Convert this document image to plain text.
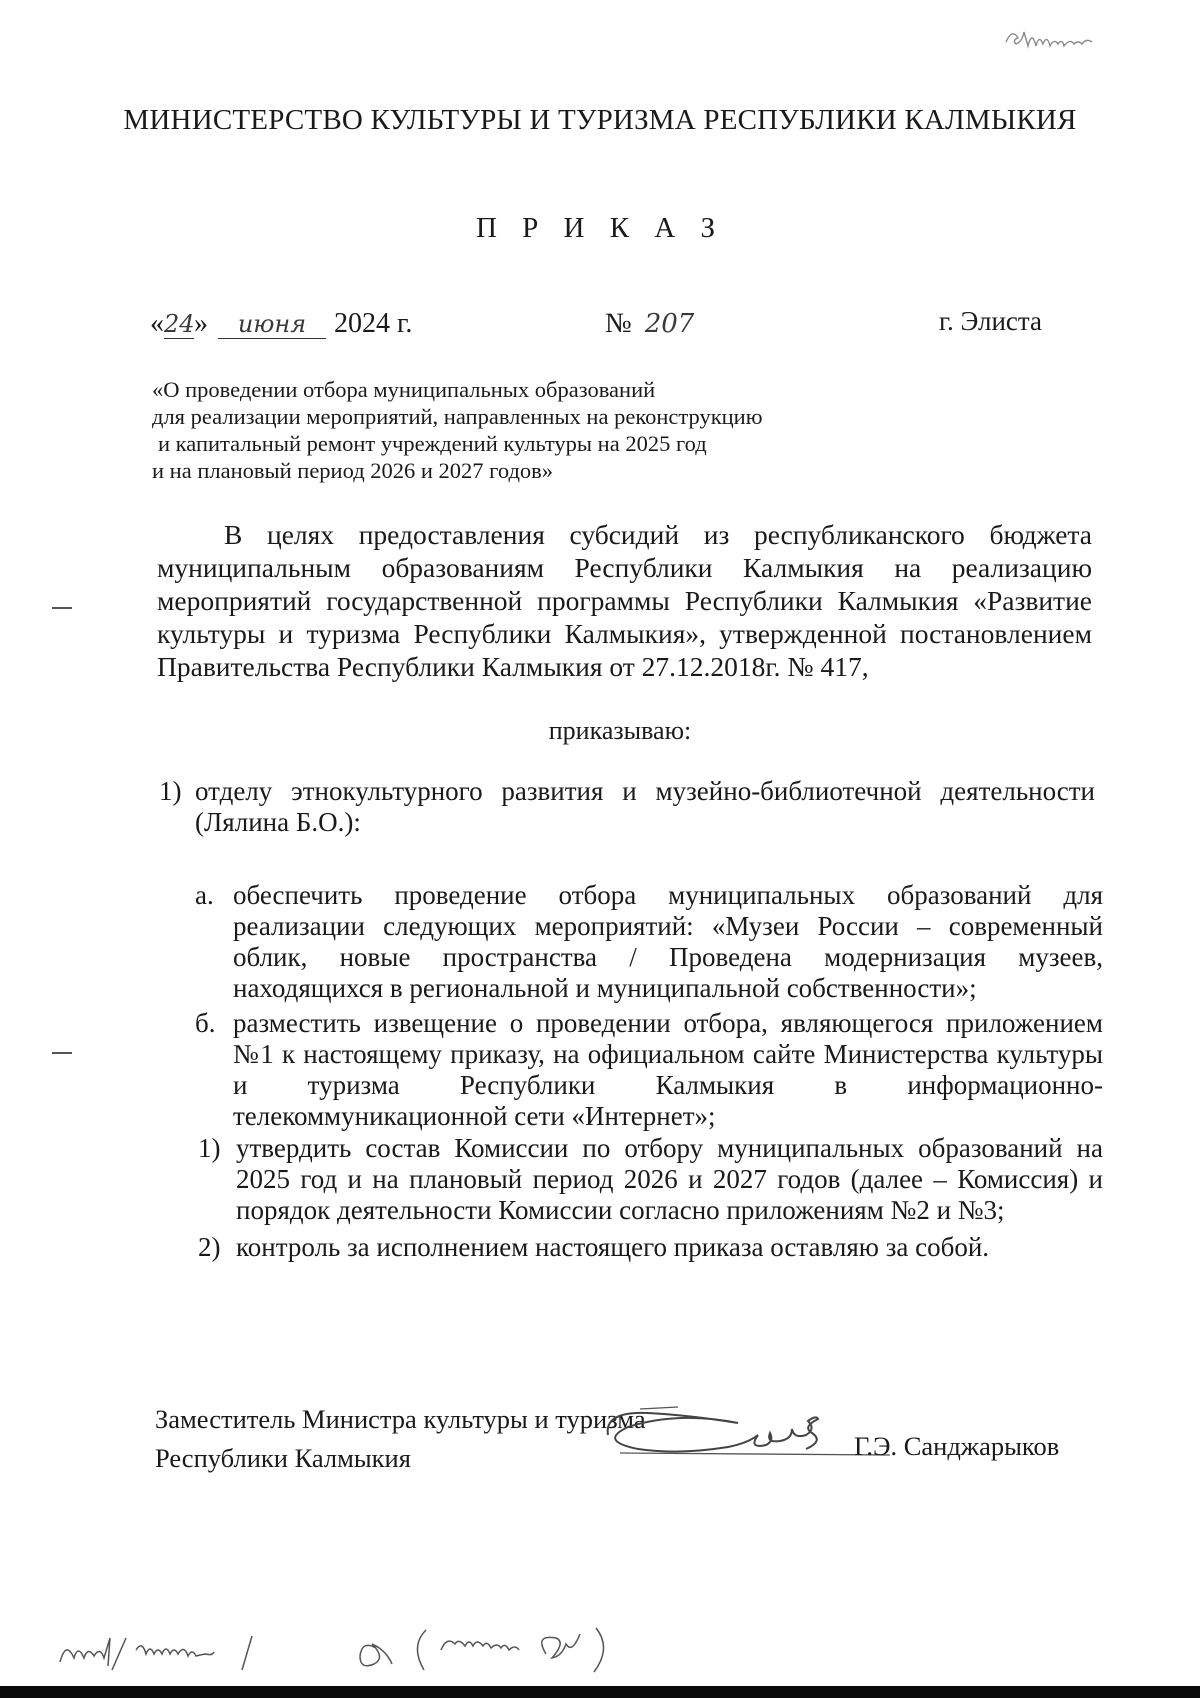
МИНИСТЕРСТВО КУЛЬТУРЫ И ТУРИЗМА РЕСПУБЛИКИ КАЛМЫКИЯ
П Р И К А З
« 24 »	июня 2024 г.	№ 207	г. Элиста
«О проведении отбора муниципальных образований
для реализации мероприятий, направленных на реконструкцию
и капитальный ремонт учреждений культуры на 2025 год
и на плановый период 2026 и 2027 годов»
В целях предоставления субсидий из республиканского бюджета муниципальным образованиям Республики Калмыкия на реализацию мероприятий государственной программы Республики Калмыкия «Развитие культуры и туризма Республики Калмыкия», утвержденной постановлением Правительства Республики Калмыкия от 27.12.2018г. № 417,
приказываю:
1) отделу этнокультурного развития и музейно-библиотечной деятельности (Лялина Б.О.):
а. обеспечить проведение отбора муниципальных образований для реализации следующих мероприятий: «Музеи России – современный облик, новые пространства / Проведена модернизация музеев, находящихся в региональной и муниципальной собственности»;
б. разместить извещение о проведении отбора, являющегося приложением №1 к настоящему приказу, на официальном сайте Министерства культуры и туризма Республики Калмыкия в информационно-телекоммуникационной сети «Интернет»;
1) утвердить состав Комиссии по отбору муниципальных образований на 2025 год и на плановый период 2026 и 2027 годов (далее – Комиссия) и порядок деятельности Комиссии согласно приложениям №2 и №3;
2) контроль за исполнением настоящего приказа оставляю за собой.
Заместитель Министра культуры и туризма
Республики Калмыкия	Г.Э. Санджарыков
